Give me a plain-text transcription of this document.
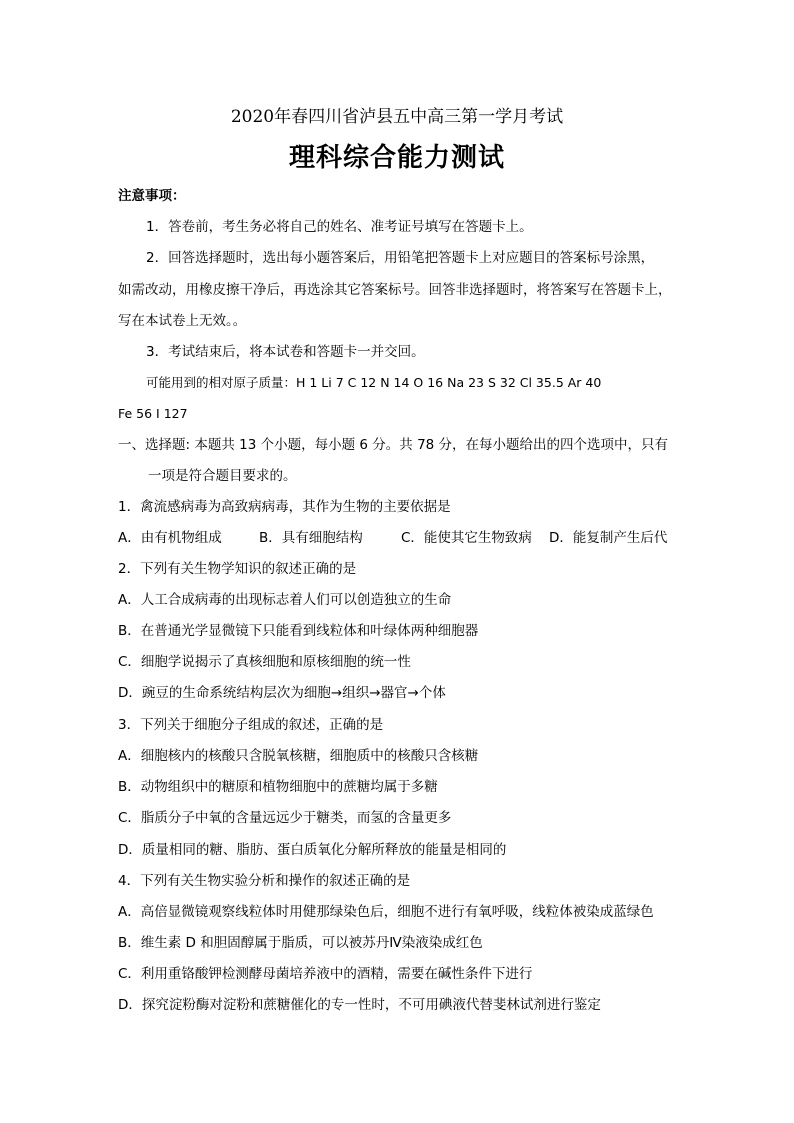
2020年春四川省泸县五中高三第一学月考试
理科综合能力测试
注意事项：
1．答卷前，考生务必将自己的姓名、准考证号填写在答题卡上。
2．回答选择题时，选出每小题答案后，用铅笔把答题卡上对应题目的答案标号涂黑，
如需改动，用橡皮擦干净后，再选涂其它答案标号。回答非选择题时，将答案写在答题卡上，
写在本试卷上无效。。
3．考试结束后，将本试卷和答题卡一并交回。
可能用到的相对原子质量：H 1 Li 7 C 12 N 14 O 16 Na 23 S 32 Cl 35.5 Ar 40
Fe 56 I 127
一、选择题: 本题共 13 个小题，每小题 6 分。共 78 分，在每小题给出的四个选项中，只有
一项是符合题目要求的。
1．禽流感病毒为高致病病毒，其作为生物的主要依据是
A．由有机物组成	B．具有细胞结构	C．能使其它生物致病 D．能复制产生后代
2．下列有关生物学知识的叙述正确的是
A．人工合成病毒的出现标志着人们可以创造独立的生命
B．在普通光学显微镜下只能看到线粒体和叶绿体两种细胞器
C．细胞学说揭示了真核细胞和原核细胞的统一性
D．豌豆的生命系统结构层次为细胞→组织→器官→个体
3．下列关于细胞分子组成的叙述，正确的是
A．细胞核内的核酸只含脱氧核糖，细胞质中的核酸只含核糖
B．动物组织中的糖原和植物细胞中的蔗糖均属于多糖
C．脂质分子中氧的含量远远少于糖类，而氢的含量更多
D．质量相同的糖、脂肪、蛋白质氧化分解所释放的能量是相同的
4．下列有关生物实验分析和操作的叙述正确的是
A．高倍显微镜观察线粒体时用健那绿染色后，细胞不进行有氧呼吸，线粒体被染成蓝绿色
B．维生素 D 和胆固醇属于脂质，可以被苏丹Ⅳ染液染成红色
C．利用重铬酸钾检测酵母菌培养液中的酒精，需要在碱性条件下进行
D．探究淀粉酶对淀粉和蔗糖催化的专一性时，不可用碘液代替斐林试剂进行鉴定
